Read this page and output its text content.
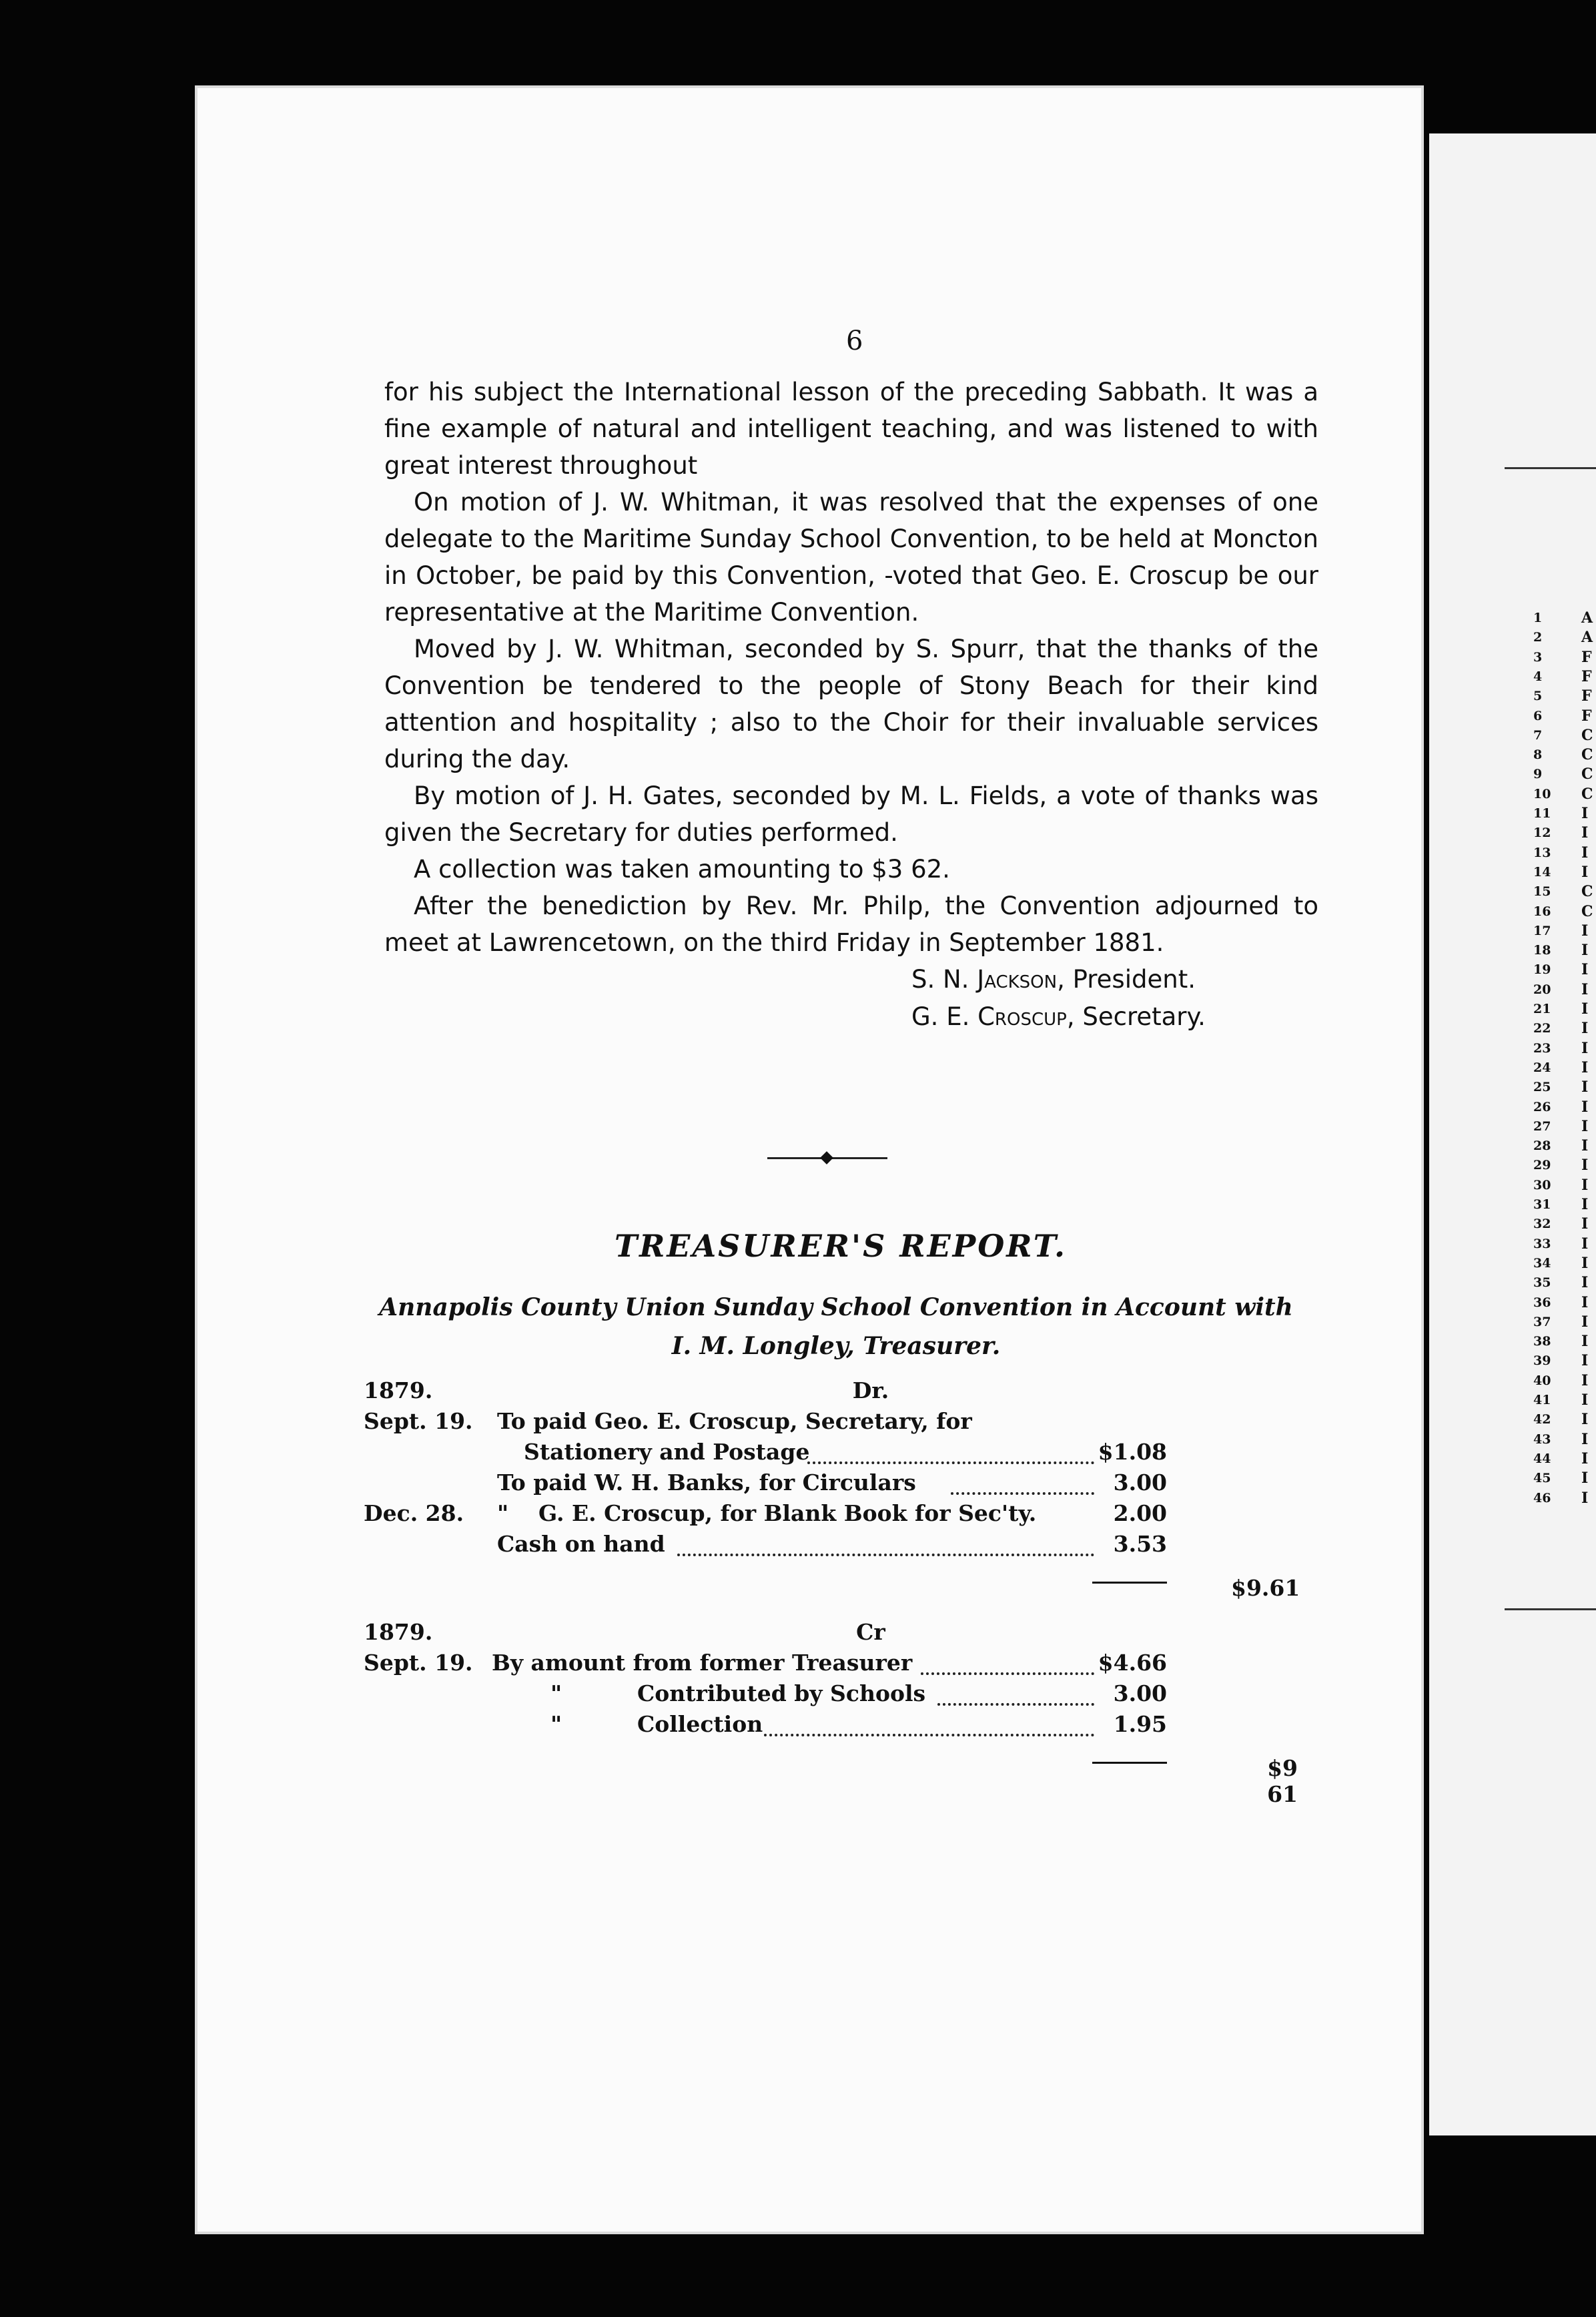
1	A
2	A
3	F
4	F
5	F
6	F
7	C
8	C
9	C
10 C
11 I
12 I
13 I
14 I
15 C
16 C
17 I
18 I
19 I
20 I
21 I
22 I
23 I
24 I
25 I
26 I
27 I
28 I
29 I
30 I
31 I
32 I
33 I
34 I
35 I
36 I
37 I
38 I
39 I
40 I
41 I
42 I
43 I
44 I
45 I
46 I
6

for his subject the International lesson of the preceding Sabbath. It was a fine example of natural and intelligent teaching, and was listened to with great interest throughout

On motion of J. W. Whitman, it was resolved that the expenses of one delegate to the Maritime Sunday School Convention, to be held at Moncton in October, be paid by this Convention, -voted that Geo. E. Croscup be our representative at the Maritime Convention.

Moved by J. W. Whitman, seconded by S. Spurr, that the thanks of the Convention be tendered to the people of Stony Beach for their kind attention and hospitality ; also to the Choir for their invaluable services during the day.

By motion of J. H. Gates, seconded by M. L. Fields, a vote of thanks was given the Secretary for duties performed.

A collection was taken amounting to $3 62.

After the benediction by Rev. Mr. Philp, the Convention adjourned to meet at Lawrencetown, on the third Friday in September 1881.

S. N. Jackson, President.
G. E. Croscup, Secretary.
TREASURER'S REPORT.
Annapolis County Union Sunday School Convention in Account with
I. M. Longley, Treasurer.
1879.	Dr.
Sept. 19. To paid Geo. E. Croscup, Secretary, for
Stationery and Postage	$1.08
To paid W. H. Banks, for Circulars	3.00
Dec. 28. " G. E. Croscup, for Blank Book for Sec'ty.	2.00
Cash on hand	3.53
$9.61
1879.	Cr
Sept. 19. By amount from former Treasurer	$4.66
"	Contributed by Schools	3.00
"	Collection	1.95
$9 61
